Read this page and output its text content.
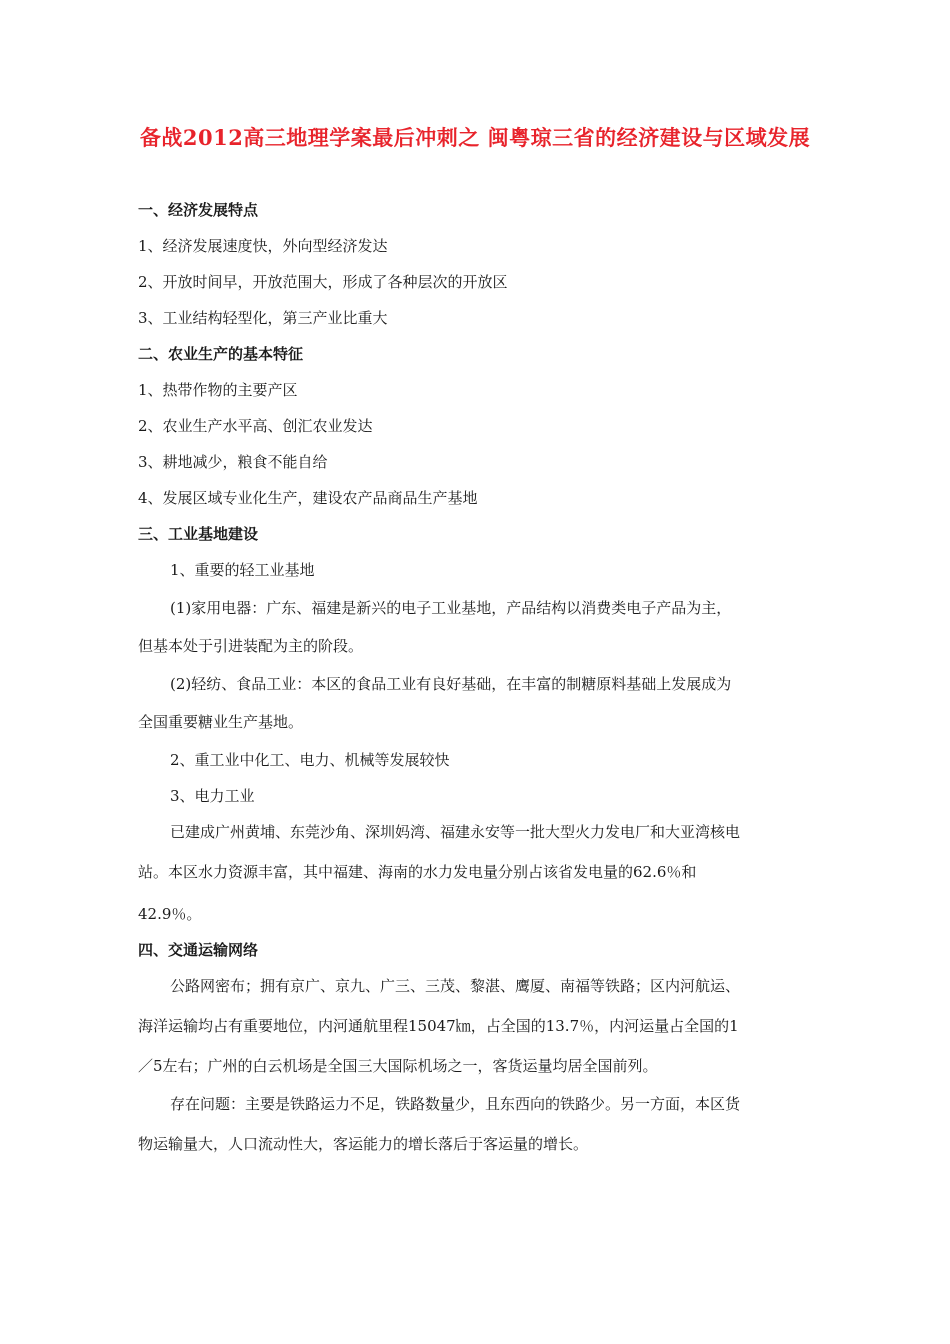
备战2012高三地理学案最后冲刺之 闽粤琼三省的经济建设与区域发展
一、经济发展特点
1、经济发展速度快，外向型经济发达
2、开放时间早，开放范围大，形成了各种层次的开放区
3、工业结构轻型化，第三产业比重大
二、农业生产的基本特征
1、热带作物的主要产区
2、农业生产水平高、创汇农业发达
3、耕地减少，粮食不能自给
4、发展区域专业化生产，建设农产品商品生产基地
三、工业基地建设
1、重要的轻工业基地
(1)家用电器：广东、福建是新兴的电子工业基地，产品结构以消费类电子产品为主，
但基本处于引进装配为主的阶段。
(2)轻纺、食品工业：本区的食品工业有良好基础，在丰富的制糖原料基础上发展成为
全国重要糖业生产基地。
2、重工业中化工、电力、机械等发展较快
3、电力工业
已建成广州黄埔、东莞沙角、深圳妈湾、福建永安等一批大型火力发电厂和大亚湾核电
站。本区水力资源丰富，其中福建、海南的水力发电量分别占该省发电量的62.6％和
42.9％。
四、交通运输网络
公路网密布；拥有京广、京九、广三、三茂、黎湛、鹰厦、南福等铁路；区内河航运、
海洋运输均占有重要地位，内河通航里程15047㎞，占全国的13.7％，内河运量占全国的1
／5左右；广州的白云机场是全国三大国际机场之一，客货运量均居全国前列。
存在问题：主要是铁路运力不足，铁路数量少，且东西向的铁路少。另一方面，本区货
物运输量大，人口流动性大，客运能力的增长落后于客运量的增长。
